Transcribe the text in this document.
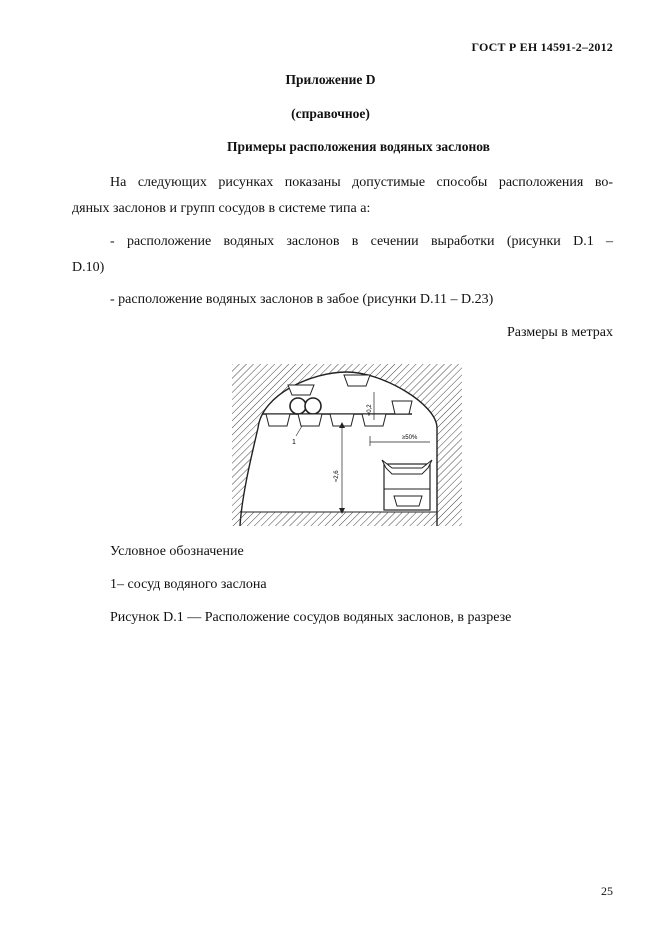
ГОСТ Р ЕН 14591-2–2012
Приложение D
(справочное)
Примеры расположения водяных заслонов
На следующих рисунках показаны допустимые способы расположения во-
дяных заслонов и групп сосудов в системе типа a:
- расположение водяных заслонов в сечении выработки (рисунки D.1 –
D.10)
- расположение водяных заслонов в забое (рисунки D.11 – D.23)
Размеры в метрах
≈0,2
≥50%
≈2,6
1
Условное обозначение
1– сосуд водяного заслона
Рисунок D.1 — Расположение сосудов водяных заслонов, в разрезе
25
